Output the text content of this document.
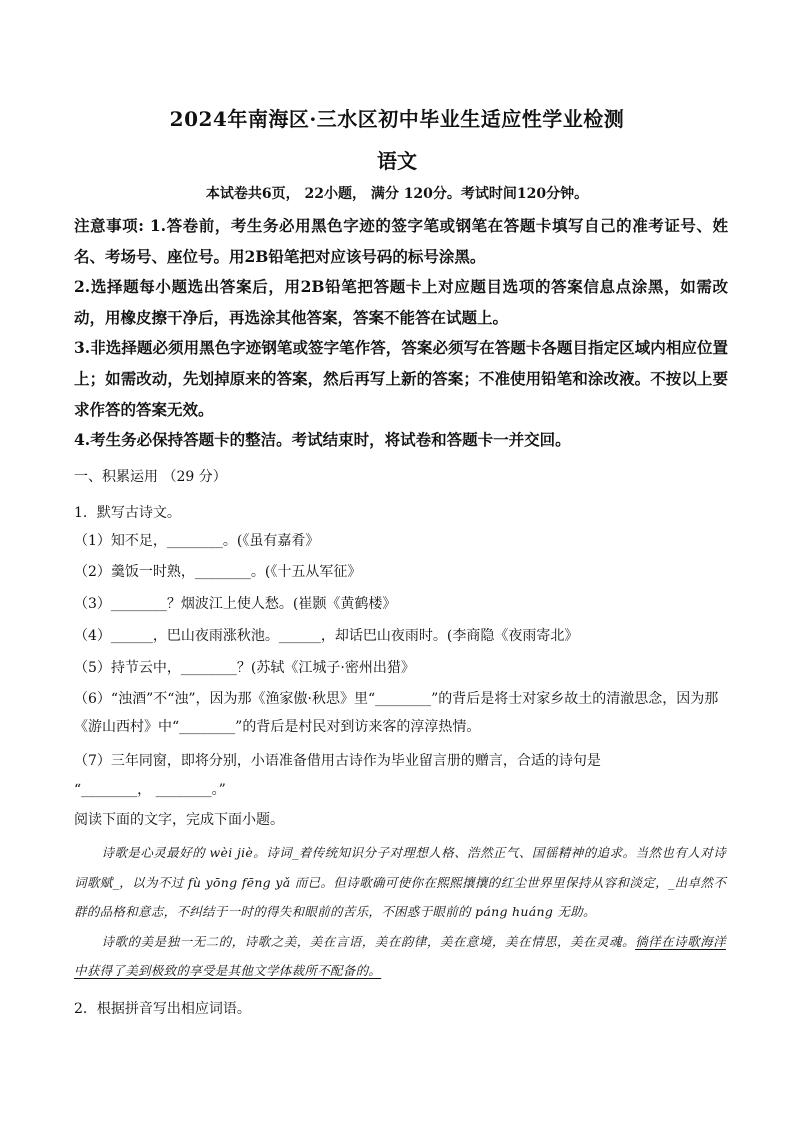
2024年南海区·三水区初中毕业生适应性学业检测
语文
本试卷共6页， 22小题， 满分 120分。考试时间120分钟。

注意事项: 1.答卷前，考生务必用黑色字迹的签字笔或钢笔在答题卡填写自己的准考证号、姓名、考场号、座位号。用2B铅笔把对应该号码的标号涂黑。

2.选择题每小题选出答案后，用2B铅笔把答题卡上对应题目选项的答案信息点涂黑，如需改动，用橡皮擦干净后，再选涂其他答案，答案不能答在试题上。

3.非选择题必须用黑色字迹钢笔或签字笔作答，答案必须写在答题卡各题目指定区域内相应位置上；如需改动，先划掉原来的答案，然后再写上新的答案；不准使用铅笔和涂改液。不按以上要求作答的答案无效。

4.考生务必保持答题卡的整洁。考试结束时，将试卷和答题卡一并交回。

一、积累运用 （29 分）
1．默写古诗文。
（1）知不足，________。(《虽有嘉肴》
（2）羹饭一时熟，________。(《十五从军征》
（3）________？烟波江上使人愁。(崔颢《黄鹤楼》
（4）______，巴山夜雨涨秋池。______，却话巴山夜雨时。(李商隐《夜雨寄北》
（5）持节云中，________？(苏轼《江城子·密州出猎》
（6）“浊酒”不“浊”，因为那《渔家傲·秋思》里“________”的背后是将士对家乡故土的清澈思念，因为那
《游山西村》中“________”的背后是村民对到访来客的淳淳热情。
（7）三年同窗，即将分别，小语准备借用古诗作为毕业留言册的赠言，合适的诗句是
“________， ________。”
阅读下面的文字，完成下面小题。

诗歌是心灵最好的 wèi jiè。诗词_着传统知识分子对理想人格、浩然正气、国徭精神的追求。当然也有人对诗词歌赋_，以为不过 fù yōng fēng yǎ 而已。但诗歌确可使你在熙熙攘攘的红尘世界里保持从容和淡定，_出卓然不群的品格和意志，不纠结于一时的得失和眼前的苦乐，不困惑于眼前的 páng huáng 无助。

诗歌的美是独一无二的，诗歌之美，美在言语，美在韵律，美在意境，美在情思，美在灵魂。徜徉在诗歌海洋中获得了美到极致的享受是其他文学体裁所不配备的。

2．根据拼音写出相应词语。
